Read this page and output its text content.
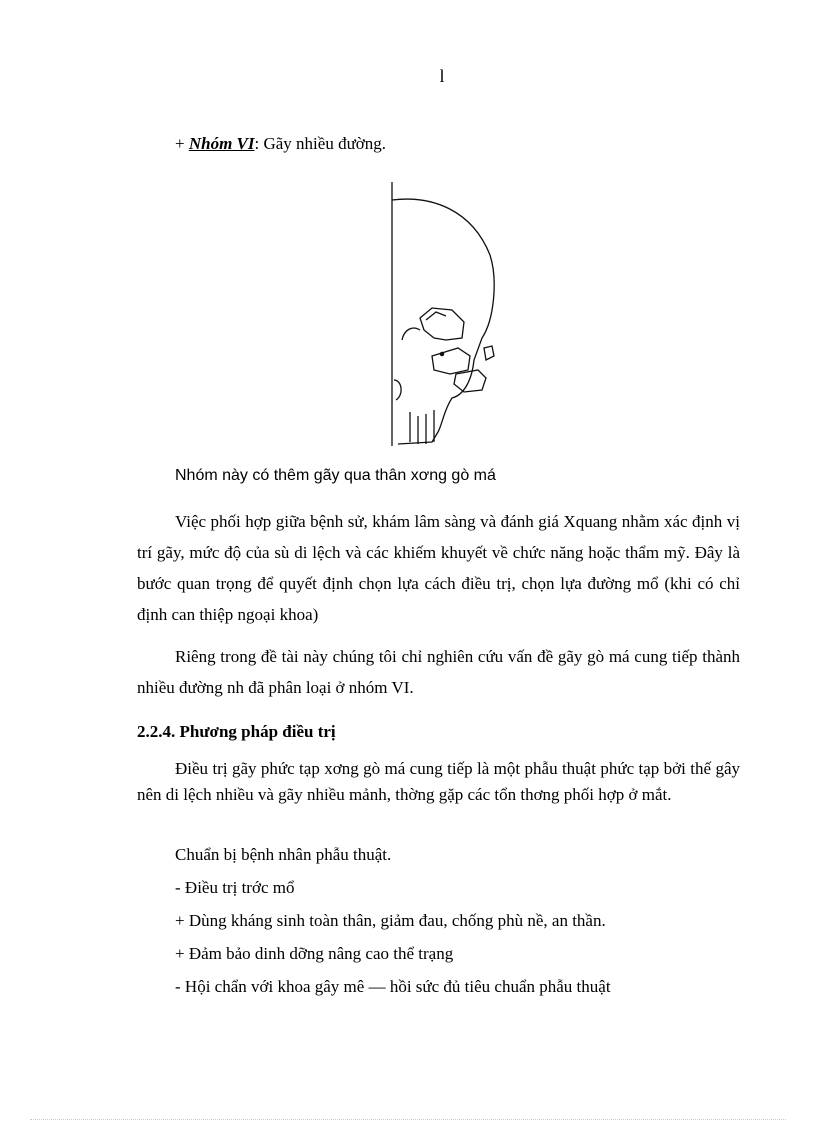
l
+ Nhóm VI: Gãy nhiều đường.
Nhóm này có thêm gãy qua thân xơng gò má

Việc phối hợp giữa bệnh sử, khám lâm sàng và đánh giá Xquang nhằm xác định vị trí gãy, mức độ của sù di lệch và các khiếm khuyết về chức năng hoặc thẩm mỹ. Đây là bước quan trọng để quyết định chọn lựa cách điều trị, chọn lựa đường mổ (khi có chỉ định can thiệp ngoại khoa)

Riêng trong đề tài này chúng tôi chỉ nghiên cứu vấn đề gãy gò má cung tiếp thành nhiều đường nh đã phân loại ở nhóm VI.

2.2.4. Phương pháp điều trị

Điều trị gãy phức tạp xơng gò má cung tiếp là một phẫu thuật phức tạp bởi thế gây nên di lệch nhiều và gãy nhiều mảnh, thờng gặp các tổn thơng phối hợp ở mắt.

Chuẩn bị bệnh nhân phẫu thuật.
- Điều trị trớc mổ
+ Dùng kháng sinh toàn thân, giảm đau, chống phù nề, an thần.
+ Đảm bảo dinh dỡng nâng cao thể trạng
- Hội chẩn với khoa gây mê — hồi sức đủ tiêu chuẩn phẫu thuật
